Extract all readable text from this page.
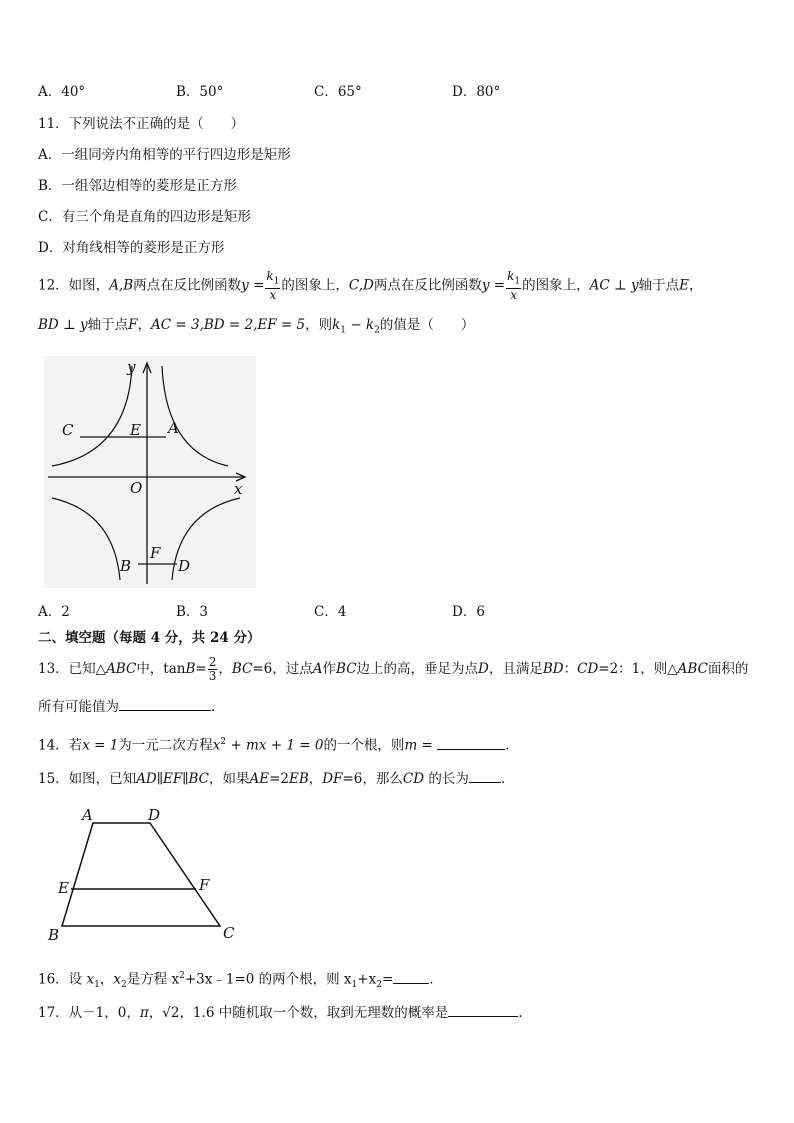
A．40°	B．50°	C．65°	D．80°
11．下列说法不正确的是（　　）
A．一组同旁内角相等的平行四边形是矩形
B．一组邻边相等的菱形是正方形
C．有三个角是直角的四边形是矩形
D．对角线相等的菱形是正方形
12．如图，A,B两点在反比例函数$y = \frac{k_1}{x}$ 的图象上，C,D两点在反比例函数$y = \frac{k_1}{x}$ 的图象上，AC ⊥ y轴于点E，
BD ⊥ y轴于点F，AC = 3,BD = 2,EF = 5，则$k_1 - k_2$的值是（　　）
C	E A
O	x
y
F
B	D
A．2	B．3	C．4	D．6
二、填空题（每题 4 分，共 24 分）
13．已知△ABC中，$\tan B= \frac{2}{3}$ ，BC=6，过点A作BC边上的高，垂足为点D，且满足BD：CD=2：1，则△ABC面积的
所有可能值为	.
14．若x = 1为一元二次方程$x^2$ + mx + 1 = 0的一个根，则m =	.
15．如图，已知AD∥EF∥BC，如果AE=2EB，DF=6，那么CD 的长为 .
A	D
E	F
B	C
16．设 $x_1$，$x_2$是方程 $x^2+3x﹣1=0$ 的两个根，则 $x_1+x_2=$	.
17．从－1，0，π，√2，1.6 中随机取一个数，取到无理数的概率是	.
